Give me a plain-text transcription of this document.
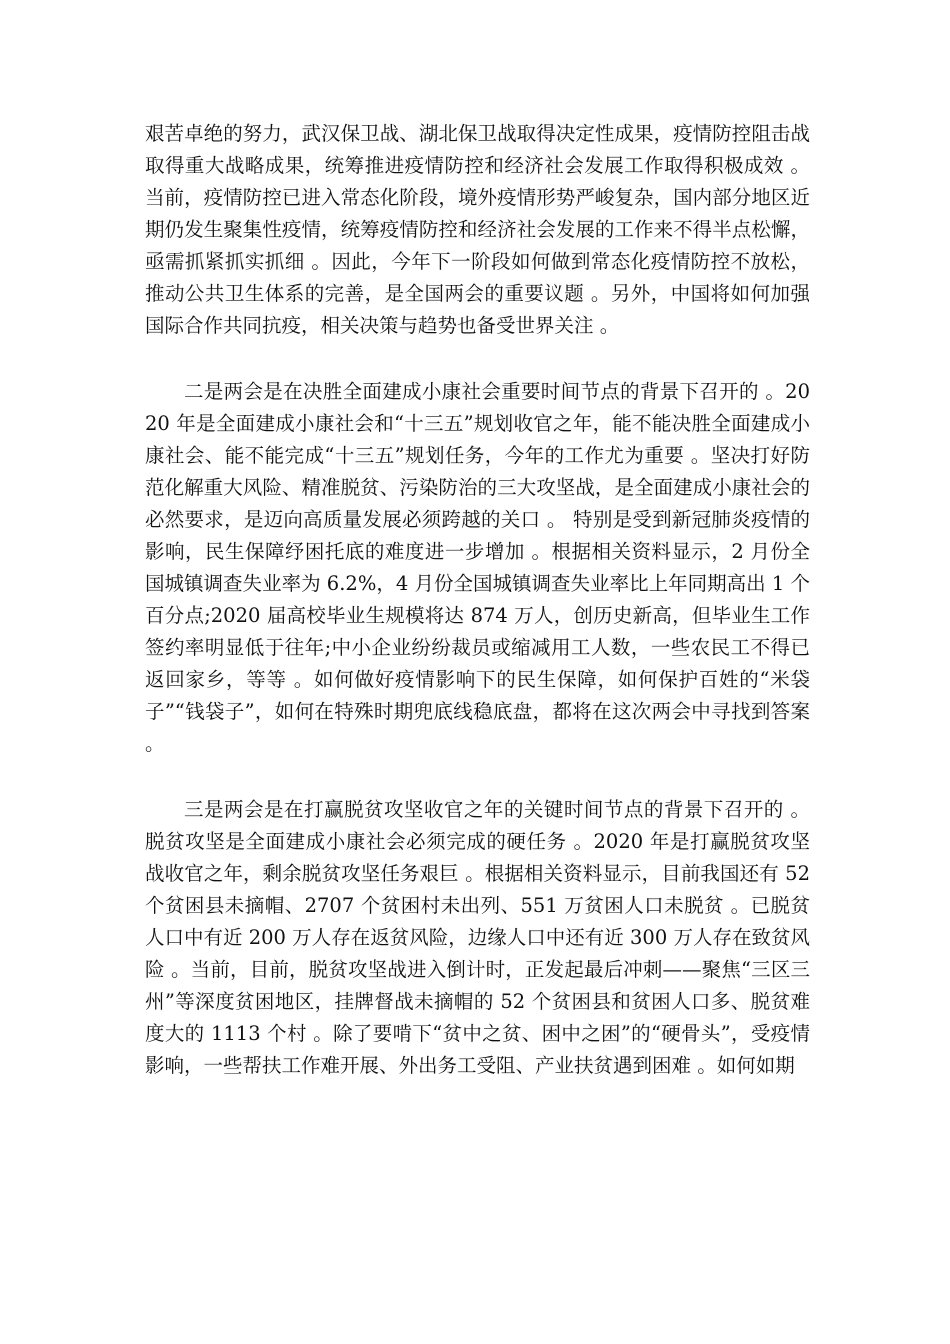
艰苦卓绝的努力，武汉保卫战、湖北保卫战取得决定性成果，疫情防控阻击战取得重大战略成果，统筹推进疫情防控和经济社会发展工作取得积极成效 。当前，疫情防控已进入常态化阶段，境外疫情形势严峻复杂，国内部分地区近期仍发生聚集性疫情，统筹疫情防控和经济社会发展的工作来不得半点松懈，亟需抓紧抓实抓细 。因此，今年下一阶段如何做到常态化疫情防控不放松，推动公共卫生体系的完善，是全国两会的重要议题 。另外，中国将如何加强国际合作共同抗疫，相关决策与趋势也备受世界关注 。

二是两会是在决胜全面建成小康社会重要时间节点的背景下召开的 。2020 年是全面建成小康社会和“十三五”规划收官之年，能不能决胜全面建成小康社会、能不能完成“十三五”规划任务，今年的工作尤为重要 。坚决打好防范化解重大风险、精准脱贫、污染防治的三大攻坚战，是全面建成小康社会的必然要求，是迈向高质量发展必须跨越的关口 。 特别是受到新冠肺炎疫情的影响，民生保障纾困托底的难度进一步增加 。根据相关资料显示，2 月份全国城镇调查失业率为 6.2%，4 月份全国城镇调查失业率比上年同期高出 1 个百分点;2020 届高校毕业生规模将达 874 万人，创历史新高，但毕业生工作签约率明显低于往年;中小企业纷纷裁员或缩减用工人数，一些农民工不得已返回家乡，等等 。如何做好疫情影响下的民生保障，如何保护百姓的“米袋子”“钱袋子”，如何在特殊时期兜底线稳底盘，都将在这次两会中寻找到答案 。

三是两会是在打赢脱贫攻坚收官之年的关键时间节点的背景下召开的 。脱贫攻坚是全面建成小康社会必须完成的硬任务 。2020 年是打赢脱贫攻坚战收官之年，剩余脱贫攻坚任务艰巨 。根据相关资料显示，目前我国还有 52 个贫困县未摘帽、2707 个贫困村未出列、551 万贫困人口未脱贫 。已脱贫人口中有近 200 万人存在返贫风险，边缘人口中还有近 300 万人存在致贫风险 。当前，目前，脱贫攻坚战进入倒计时，正发起最后冲刺——聚焦“三区三州”等深度贫困地区，挂牌督战未摘帽的 52 个贫困县和贫困人口多、脱贫难度大的 1113 个村 。除了要啃下“贫中之贫、困中之困”的“硬骨头”，受疫情影响，一些帮扶工作难开展、外出务工受阻、产业扶贫遇到困难 。如何如期
